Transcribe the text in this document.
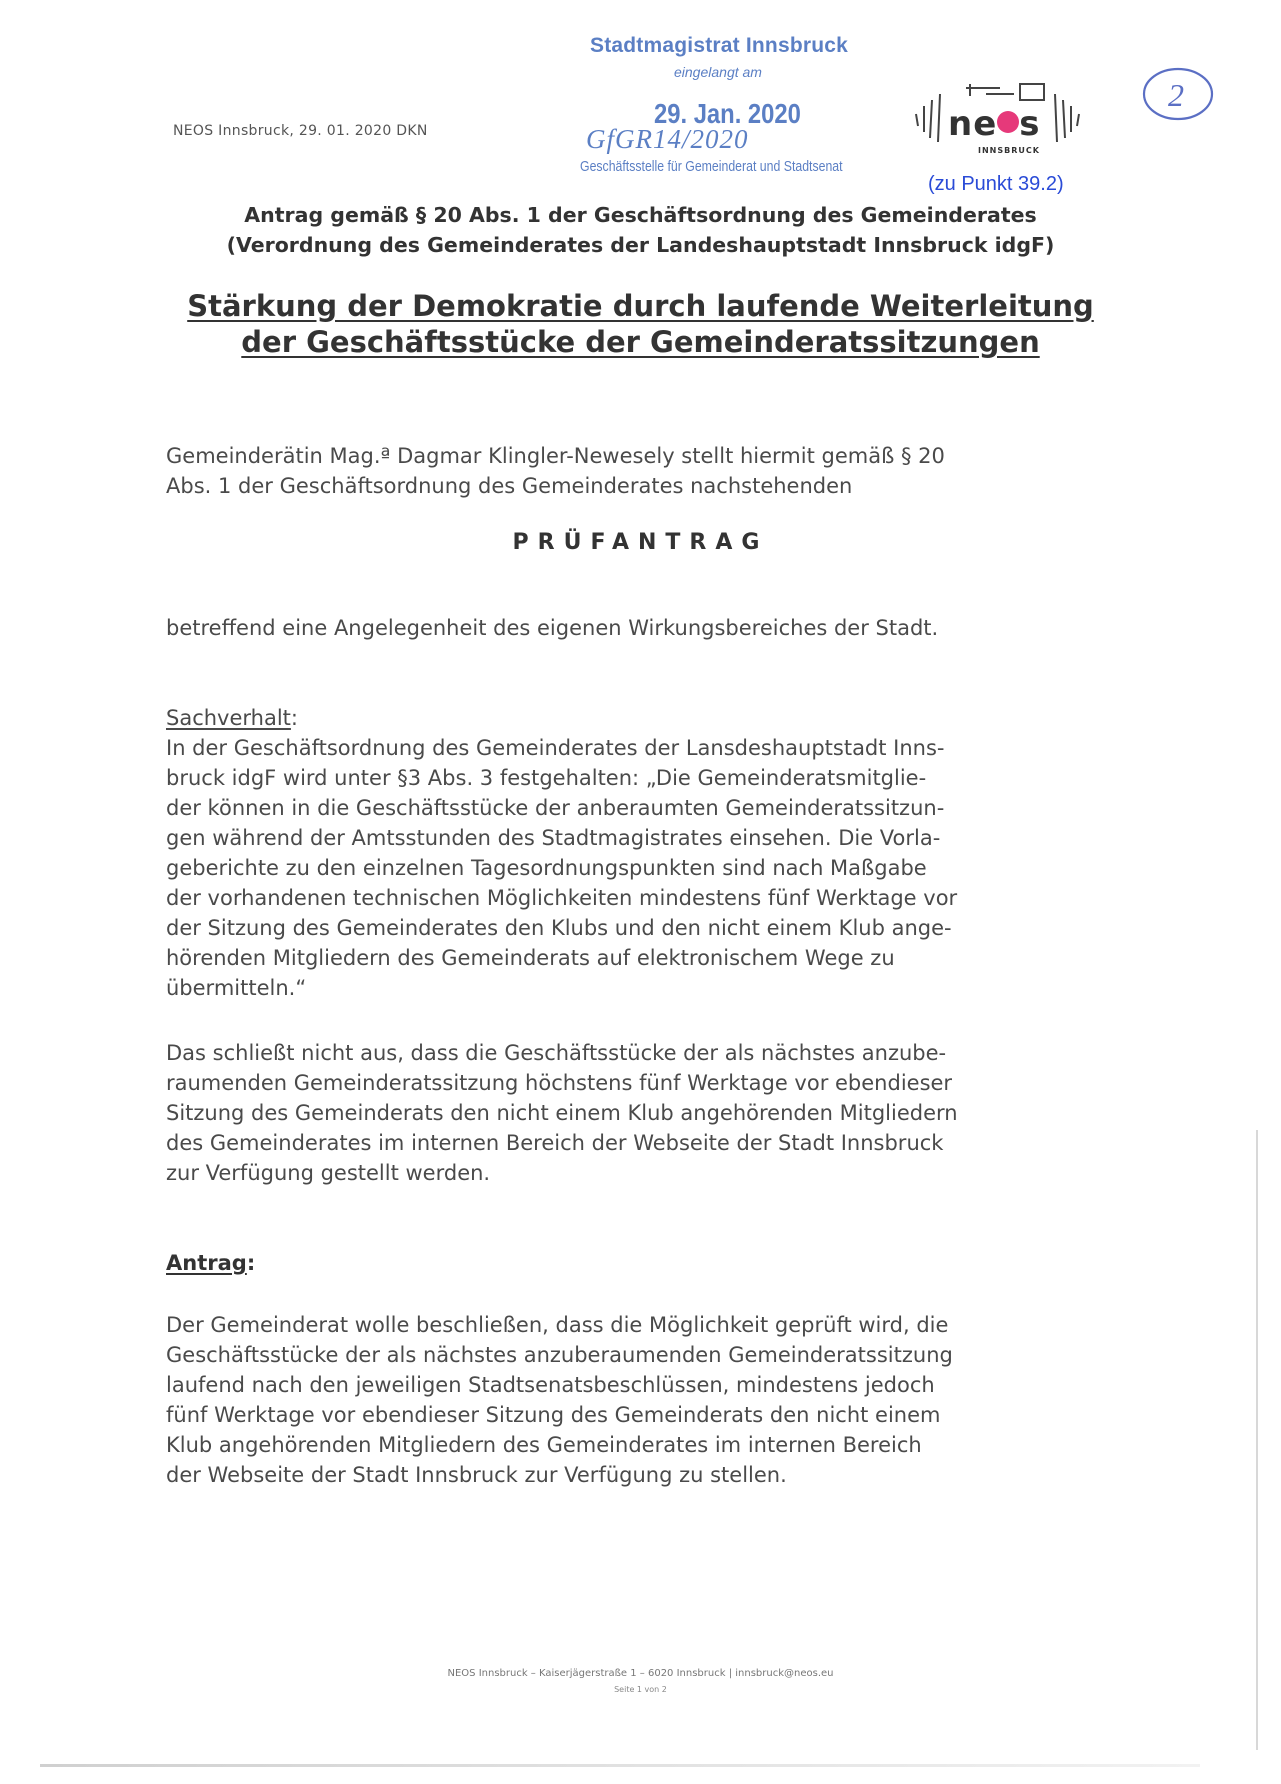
Stadtmagistrat Innsbruck
eingelangt am
29. Jan. 2020
GfGR14/2020
Geschäftsstelle für Gemeinderat und Stadtsenat
NEOS Innsbruck, 29. 01. 2020 DKN	ne s
INNSBRUCK
2
(zu Punkt 39.2)
Antrag gemäß § 20 Abs. 1 der Geschäftsordnung des Gemeinderates
(Verordnung des Gemeinderates der Landeshauptstadt Innsbruck idgF)
Stärkung der Demokratie durch laufende Weiterleitung
der Geschäftsstücke der Gemeinderatssitzungen
Gemeinderätin Mag.ª Dagmar Klingler-Newesely stellt hiermit gemäß § 20
Abs. 1 der Geschäftsordnung des Gemeinderates nachstehenden
PRÜFANTRAG
betreffend eine Angelegenheit des eigenen Wirkungsbereiches der Stadt.
Sachverhalt:
In der Geschäftsordnung des Gemeinderates der Lansdeshauptstadt Inns-
bruck idgF wird unter §3 Abs. 3 festgehalten: „Die Gemeinderatsmitglie-
der können in die Geschäftsstücke der anberaumten Gemeinderatssitzun-
gen während der Amtsstunden des Stadtmagistrates einsehen. Die Vorla-
geberichte zu den einzelnen Tagesordnungspunkten sind nach Maßgabe
der vorhandenen technischen Möglichkeiten mindestens fünf Werktage vor
der Sitzung des Gemeinderates den Klubs und den nicht einem Klub ange-
hörenden Mitgliedern des Gemeinderats auf elektronischem Wege zu
übermitteln.“
Das schließt nicht aus, dass die Geschäftsstücke der als nächstes anzube-
raumenden Gemeinderatssitzung höchstens fünf Werktage vor ebendieser
Sitzung des Gemeinderats den nicht einem Klub angehörenden Mitgliedern
des Gemeinderates im internen Bereich der Webseite der Stadt Innsbruck
zur Verfügung gestellt werden.
Antrag:
Der Gemeinderat wolle beschließen, dass die Möglichkeit geprüft wird, die
Geschäftsstücke der als nächstes anzuberaumenden Gemeinderatssitzung
laufend nach den jeweiligen Stadtsenatsbeschlüssen, mindestens jedoch
fünf Werktage vor ebendieser Sitzung des Gemeinderats den nicht einem
Klub angehörenden Mitgliedern des Gemeinderates im internen Bereich
der Webseite der Stadt Innsbruck zur Verfügung zu stellen.
NEOS Innsbruck – Kaiserjägerstraße 1 – 6020 Innsbruck | innsbruck@neos.eu
Seite 1 von 2
